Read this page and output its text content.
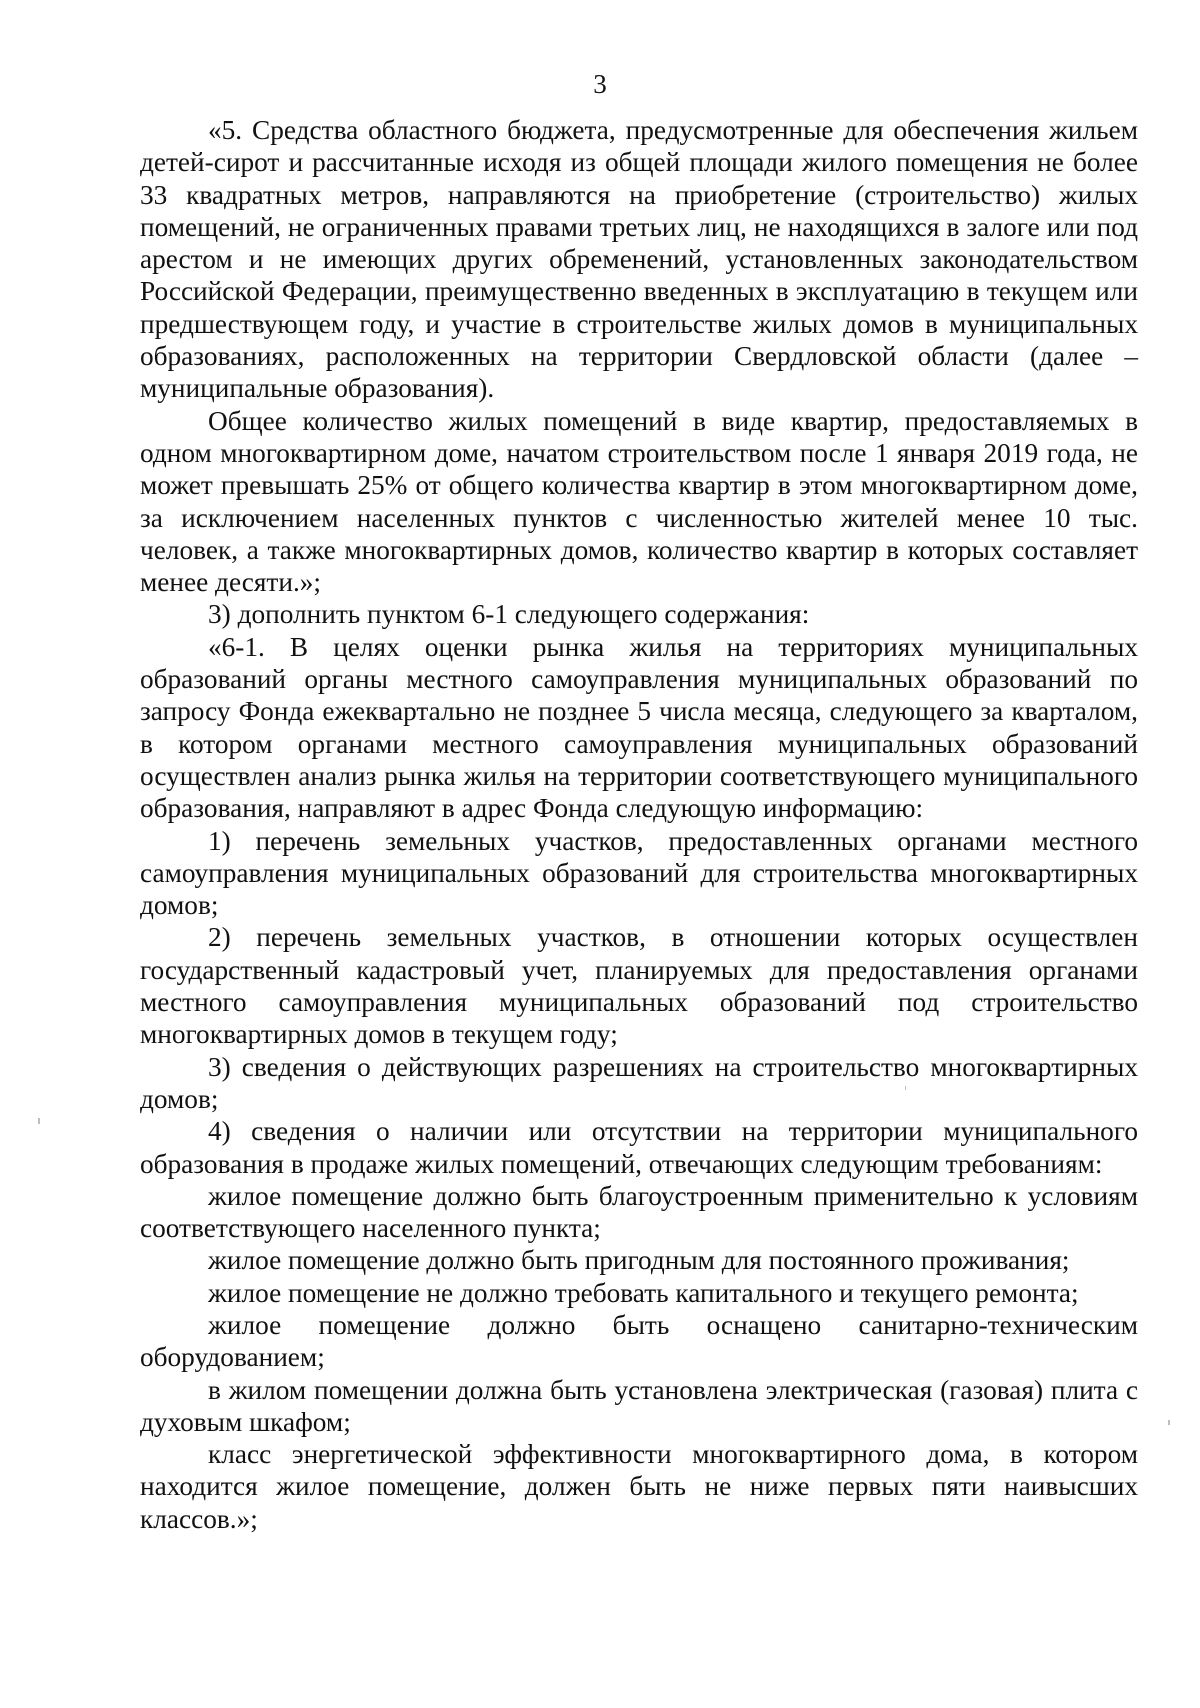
3

«5. Средства областного бюджета, предусмотренные для обеспечения жильем детей-сирот и рассчитанные исходя из общей площади жилого помещения не более 33 квадратных метров, направляются на приобретение (строительство) жилых помещений, не ограниченных правами третьих лиц, не находящихся в залоге или под арестом и не имеющих других обременений, установленных законодательством Российской Федерации, преимущественно введенных в эксплуатацию в текущем или предшествующем году, и участие в строительстве жилых домов в муниципальных образованиях, расположенных на территории Свердловской области (далее – муниципальные образования).

Общее количество жилых помещений в виде квартир, предоставляемых в одном многоквартирном доме, начатом строительством после 1 января 2019 года, не может превышать 25% от общего количества квартир в этом многоквартирном доме, за исключением населенных пунктов с численностью жителей менее 10 тыс. человек, а также многоквартирных домов, количество квартир в которых составляет менее десяти.»;

3) дополнить пунктом 6-1 следующего содержания:

«6-1. В целях оценки рынка жилья на территориях муниципальных образований органы местного самоуправления муниципальных образований по запросу Фонда ежеквартально не позднее 5 числа месяца, следующего за кварталом, в котором органами местного самоуправления муниципальных образований осуществлен анализ рынка жилья на территории соответствующего муниципального образования, направляют в адрес Фонда следующую информацию:

1) перечень земельных участков, предоставленных органами местного самоуправления муниципальных образований для строительства многоквартирных домов;

2) перечень земельных участков, в отношении которых осуществлен государственный кадастровый учет, планируемых для предоставления органами местного самоуправления муниципальных образований под строительство многоквартирных домов в текущем году;

3) сведения о действующих разрешениях на строительство многоквартирных домов;

4) сведения о наличии или отсутствии на территории муниципального образования в продаже жилых помещений, отвечающих следующим требованиям:

жилое помещение должно быть благоустроенным применительно к условиям соответствующего населенного пункта;

жилое помещение должно быть пригодным для постоянного проживания;

жилое помещение не должно требовать капитального и текущего ремонта;

жилое помещение должно быть оснащено санитарно-техническим оборудованием;

в жилом помещении должна быть установлена электрическая (газовая) плита с духовым шкафом;

класс энергетической эффективности многоквартирного дома, в котором находится жилое помещение, должен быть не ниже первых пяти наивысших классов.»;
